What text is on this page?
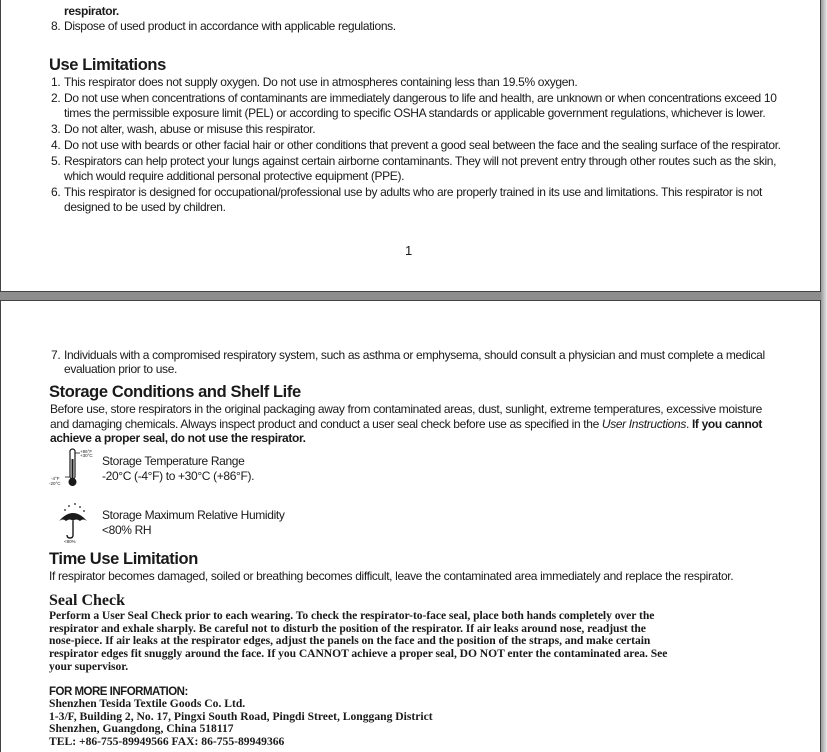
respirator.
8. Dispose of used product in accordance with applicable regulations.
Use Limitations
1. This respirator does not supply oxygen. Do not use in atmospheres containing less than 19.5% oxygen.
2. Do not use when concentrations of contaminants are immediately dangerous to life and health, are unknown or when concentrations exceed 10
times the permissible exposure limit (PEL) or according to specific OSHA standards or applicable government regulations, whichever is lower.
3. Do not alter, wash, abuse or misuse this respirator.
4. Do not use with beards or other facial hair or other conditions that prevent a good seal between the face and the sealing surface of the respirator.
5. Respirators can help protect your lungs against certain airborne contaminants. They will not prevent entry through other routes such as the skin,
which would require additional personal protective equipment (PPE).
6. This respirator is designed for occupational/professional use by adults who are properly trained in its use and limitations. This respirator is not
designed to be used by children.
1
7. Individuals with a compromised respiratory system, such as asthma or emphysema, should consult a physician and must complete a medical
evaluation prior to use.
Storage Conditions and Shelf Life
Before use, store respirators in the original packaging away from contaminated areas, dust, sunlight, extreme temperatures, excessive moisture
and damaging chemicals. Always inspect product and conduct a user seal check before use as specified in the User Instructions. If you cannot
achieve a proper seal, do not use the respirator.
+86°F
+30°C
-4°F
-20°C
Storage Temperature Range
-20°C (-4°F) to +30°C (+86°F).
<80%
Storage Maximum Relative Humidity
<80% RH
Time Use Limitation
If respirator becomes damaged, soiled or breathing becomes difficult, leave the contaminated area immediately and replace the respirator.
Seal Check
Perform a User Seal Check prior to each wearing. To check the respirator-to-face seal, place both hands completely over the
respirator and exhale sharply. Be careful not to disturb the position of the respirator. If air leaks around nose, readjust the
nose-piece. If air leaks at the respirator edges, adjust the panels on the face and the position of the straps, and make certain
respirator edges fit snuggly around the face. If you CANNOT achieve a proper seal, DO NOT enter the contaminated area. See
your supervisor.
FOR MORE INFORMATION:
Shenzhen Tesida Textile Goods Co. Ltd.
1-3/F, Building 2, No. 17, Pingxi South Road, Pingdi Street, Longgang District
Shenzhen, Guangdong, China 518117
TEL: +86-755-89949566 FAX: 86-755-89949366
